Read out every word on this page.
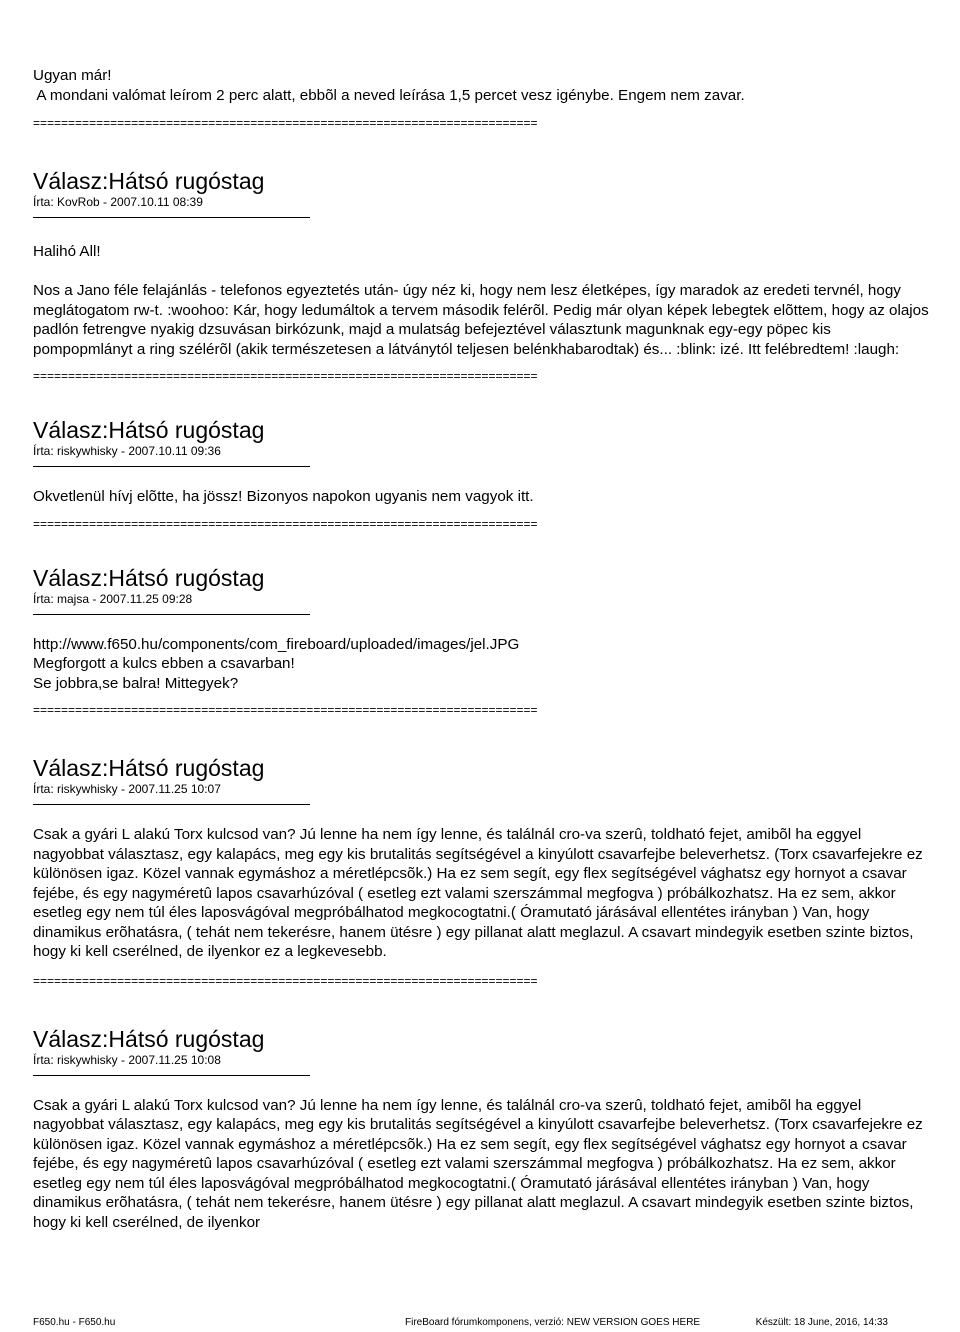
Ugyan már!

A mondani valómat leírom 2 perc alatt, ebbõl a neved leírása 1,5 percet vesz igénybe. Engem nem zavar.

========================================================================

Válasz:Hátsó rugóstag

Írta: KovRob - 2007.10.11 08:39

Halihó All!

Nos a Jano féle felajánlás - telefonos egyeztetés után- úgy néz ki, hogy nem lesz életképes, így maradok az eredeti tervnél, hogy meglátogatom rw-t. :woohoo: Kár, hogy ledumáltok a tervem második felérõl. Pedig már olyan képek lebegtek elõttem, hogy az olajos padlón fetrengve nyakig dzsuvásan birkózunk, majd a mulatság befejeztével választunk magunknak egy-egy pöpec kis pompopmlányt a ring szélérõl (akik természetesen a látványtól teljesen belénkhabarodtak) és... :blink: izé. Itt felébredtem! :laugh:

========================================================================

Válasz:Hátsó rugóstag

Írta: riskywhisky - 2007.10.11 09:36

Okvetlenül hívj elõtte, ha jössz! Bizonyos napokon ugyanis nem vagyok itt.

========================================================================

Válasz:Hátsó rugóstag

Írta: majsa - 2007.11.25 09:28

http://www.f650.hu/components/com_fireboard/uploaded/images/jel.JPG
Megforgott a kulcs ebben a csavarban!
Se jobbra,se balra! Mittegyek?

========================================================================

Válasz:Hátsó rugóstag

Írta: riskywhisky - 2007.11.25 10:07

Csak a gyári L alakú Torx kulcsod van? Jú lenne ha nem így lenne, és találnál cro-va szerû, toldható fejet, amibõl ha eggyel nagyobbat választasz, egy kalapács, meg egy kis brutalitás segítségével a kinyúlott csavarfejbe beleverhetsz. (Torx csavarfejekre ez különösen igaz. Közel vannak egymáshoz a méretlépcsõk.) Ha ez sem segít, egy flex segítségével vághatsz egy hornyot a csavar fejébe, és egy nagyméretû lapos csavarhúzóval ( esetleg ezt valami szerszámmal megfogva ) próbálkozhatsz. Ha ez sem, akkor esetleg egy nem túl éles laposvágóval megpróbálhatod megkocogtatni.( Óramutató járásával ellentétes irányban ) Van, hogy dinamikus erõhatásra, ( tehát nem tekerésre, hanem ütésre ) egy pillanat alatt meglazul. A csavart mindegyik esetben szinte biztos, hogy ki kell cserélned, de ilyenkor ez a legkevesebb.

========================================================================

Válasz:Hátsó rugóstag

Írta: riskywhisky - 2007.11.25 10:08

Csak a gyári L alakú Torx kulcsod van? Jú lenne ha nem így lenne, és találnál cro-va szerû, toldható fejet, amibõl ha eggyel nagyobbat választasz, egy kalapács, meg egy kis brutalitás segítségével a kinyúlott csavarfejbe beleverhetsz. (Torx csavarfejekre ez különösen igaz. Közel vannak egymáshoz a méretlépcsõk.) Ha ez sem segít, egy flex segítségével vághatsz egy hornyot a csavar fejébe, és egy nagyméretû lapos csavarhúzóval ( esetleg ezt valami szerszámmal megfogva ) próbálkozhatsz. Ha ez sem, akkor esetleg egy nem túl éles laposvágóval megpróbálhatod megkocogtatni.( Óramutató járásával ellentétes irányban ) Van, hogy dinamikus erõhatásra, ( tehát nem tekerésre, hanem ütésre ) egy pillanat alatt meglazul. A csavart mindegyik esetben szinte biztos, hogy ki kell cserélned, de ilyenkor

F650.hu - F650.hu	FireBoard fórumkomponens, verzió: NEW VERSION GOES HERE	Készült: 18 June, 2016, 14:33
